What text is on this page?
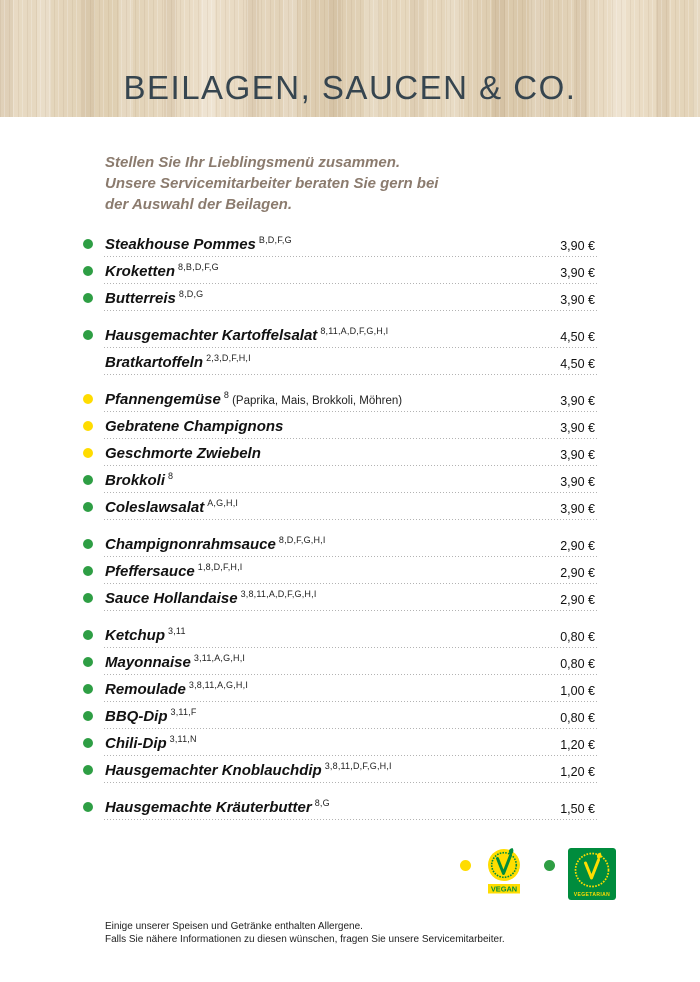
BEILAGEN, SAUCEN & CO.
Stellen Sie Ihr Lieblingsmenü zusammen.
Unsere Servicemitarbeiter beraten Sie gern bei
der Auswahl der Beilagen.
Steakhouse Pommes $^{B,D,F,G}$	3,90 €
Kroketten $^{8,B,D,F,G}$	3,90 €
Butterreis $^{8,D,G}$	3,90 €
Hausgemachter Kartoffelsalat $^{8,11,A,D,F,G,H,I}$	4,50 €
Bratkartoffeln $^{2,3,D,F,H,I}$	4,50 €
Pfannengemüse $^8$ (Paprika, Mais, Brokkoli, Möhren)	3,90 €
Gebratene Champignons	3,90 €
Geschmorte Zwiebeln	3,90 €
Brokkoli $^8$	3,90 €
Coleslawsalat $^{A,G,H,I}$	3,90 €
Champignonrahmsauce $^{8,D,F,G,H,I}$	2,90 €
Pfeffersauce $^{1,8,D,F,H,I}$	2,90 €
Sauce Hollandaise $^{3,8,11,A,D,F,G,H,I}$	2,90 €
Ketchup $^{3,11}$	0,80 €
Mayonnaise $^{3,11,A,G,H,I}$	0,80 €
Remoulade $^{3,8,11,A,G,H,I}$	1,00 €
BBQ-Dip $^{3,11,F}$	0,80 €
Chili-Dip $^{3,11,N}$	1,20 €
Hausgemachter Knoblauchdip $^{3,8,11,D,F,G,H,I}$	1,20 €
Hausgemachte Kräuterbutter $^{8,G}$	1,50 €
VEGAN
VEGETARIAN
Einige unserer Speisen und Getränke enthalten Allergene.
Falls Sie nähere Informationen zu diesen wünschen, fragen Sie unsere Servicemitarbeiter.
